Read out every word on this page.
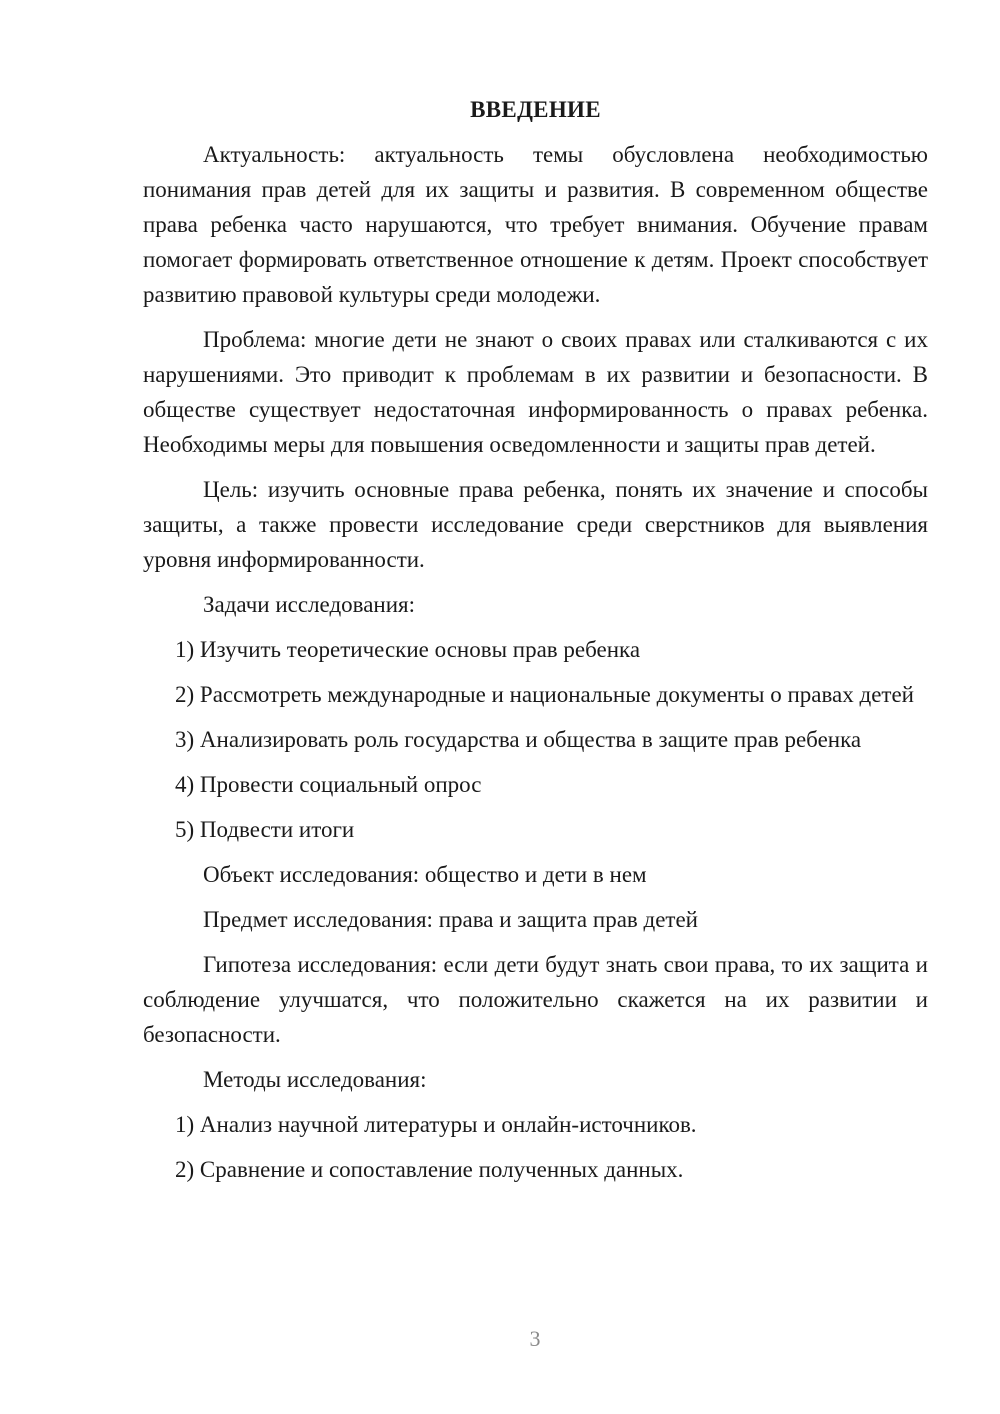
ВВЕДЕНИЕ

Актуальность: актуальность темы обусловлена необходимостью понимания прав детей для их защиты и развития. В современном обществе права ребенка часто нарушаются, что требует внимания. Обучение правам помогает формировать ответственное отношение к детям. Проект способствует развитию правовой культуры среди молодежи.

Проблема: многие дети не знают о своих правах или сталкиваются с их нарушениями. Это приводит к проблемам в их развитии и безопасности. В обществе существует недостаточная информированность о правах ребенка. Необходимы меры для повышения осведомленности и защиты прав детей.

Цель: изучить основные права ребенка, понять их значение и способы защиты, а также провести исследование среди сверстников для выявления уровня информированности.

Задачи исследования:

1) Изучить теоретические основы прав ребенка

2) Рассмотреть международные и национальные документы о правах детей

3) Анализировать роль государства и общества в защите прав ребенка

4) Провести социальный опрос

5) Подвести итоги

Объект исследования: общество и дети в нем

Предмет исследования: права и защита прав детей

Гипотеза исследования: если дети будут знать свои права, то их защита и соблюдение улучшатся, что положительно скажется на их развитии и безопасности.

Методы исследования:

1) Анализ научной литературы и онлайн-источников.

2) Сравнение и сопоставление полученных данных.

3
